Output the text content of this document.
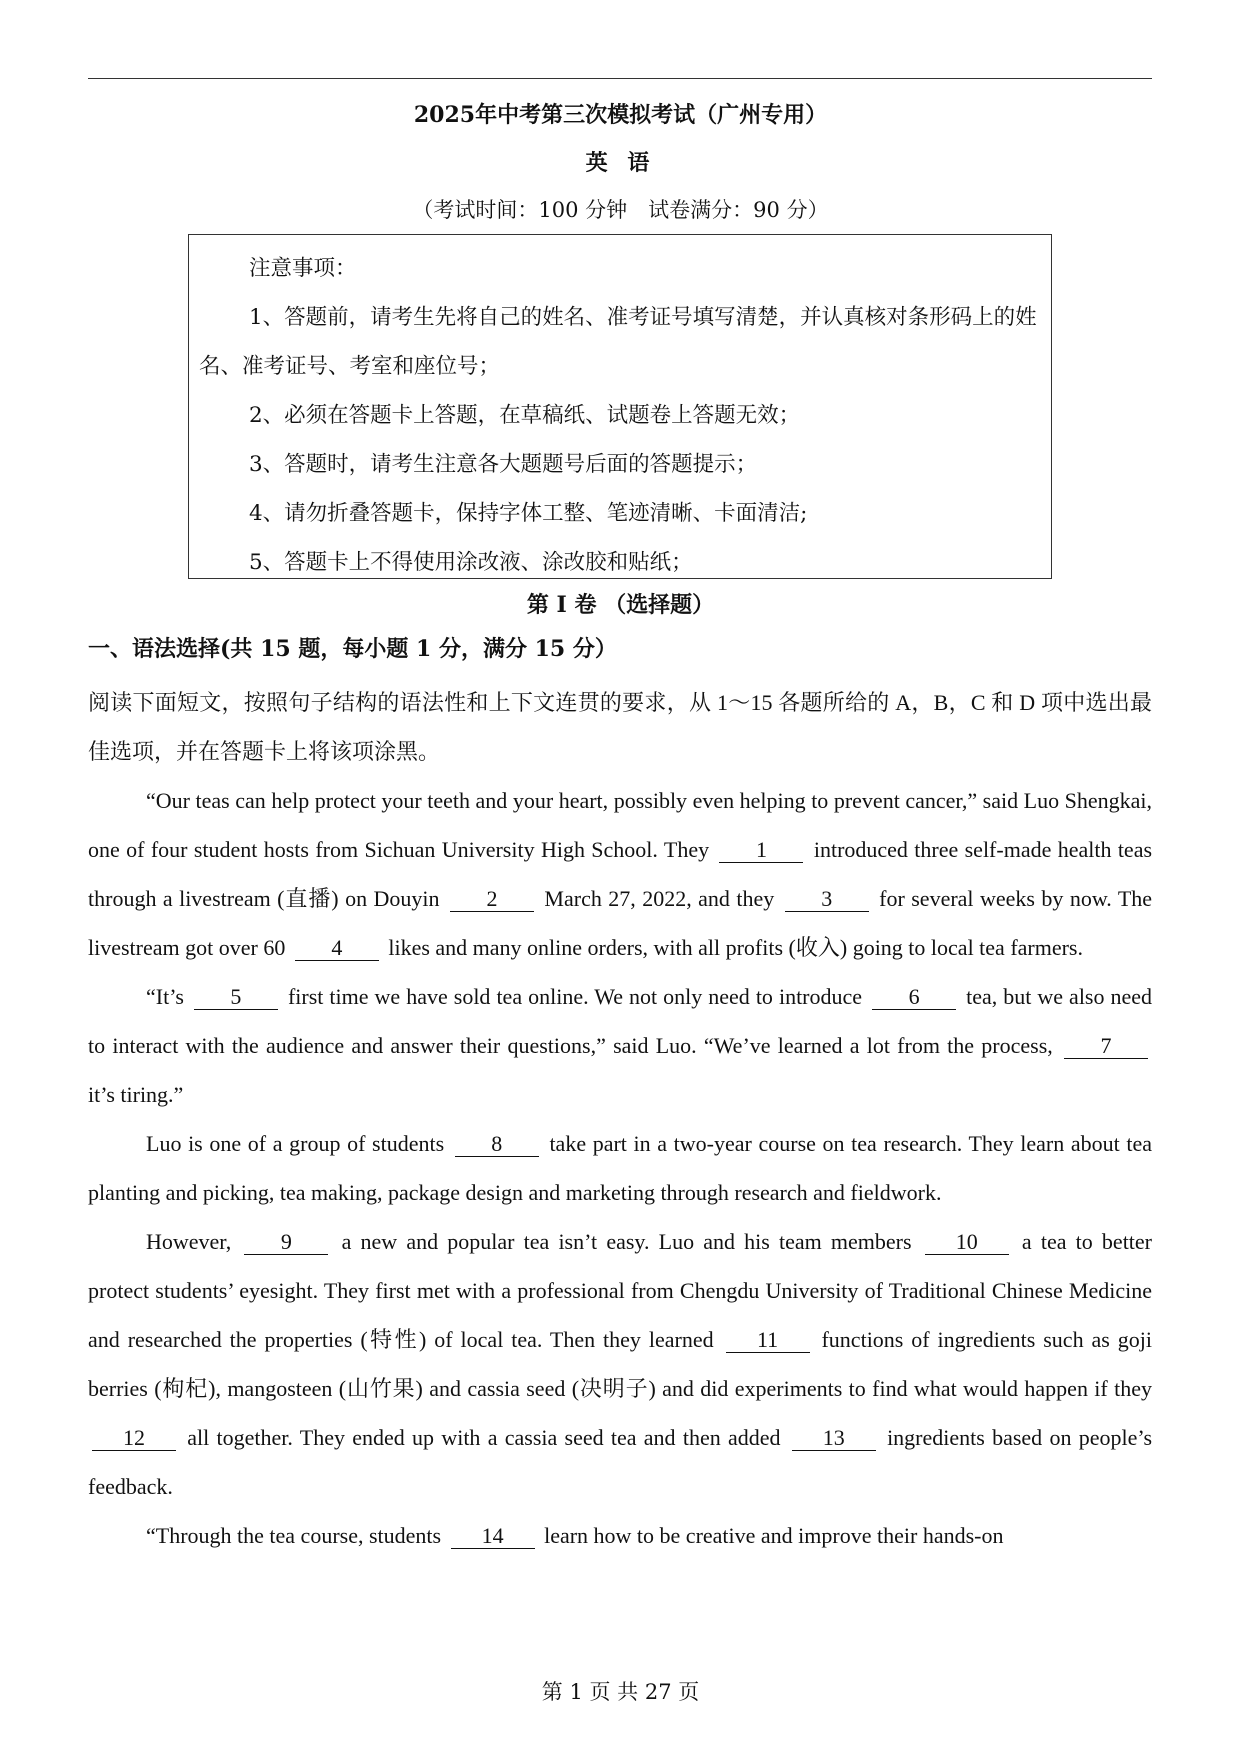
2025年中考第三次模拟考试（广州专用）
英 语
（考试时间：100 分钟　试卷满分：90 分）

注意事项：

1、答题前，请考生先将自己的姓名、准考证号填写清楚，并认真核对条形码上的姓名、准考证号、考室和座位号；

2、必须在答题卡上答题，在草稿纸、试题卷上答题无效；

3、答题时，请考生注意各大题题号后面的答题提示；

4、请勿折叠答题卡，保持字体工整、笔迹清晰、卡面清洁;

5、答题卡上不得使用涂改液、涂改胶和贴纸；

第 I 卷 （选择题）
一、语法选择(共 15 题，每小题 1 分，满分 15 分）

阅读下面短文，按照句子结构的语法性和上下文连贯的要求，从 1～15 各题所给的 A，B，C 和 D 项中选出最佳选项，并在答题卡上将该项涂黑。

“Our teas can help protect your teeth and your heart, possibly even helping to prevent cancer,” said Luo Shengkai, one of four student hosts from Sichuan University High School. They 1 introduced three self-made health teas through a livestream (直播) on Douyin 2 March 27, 2022, and they 3 for several weeks by now. The livestream got over 60 4 likes and many online orders, with all profits (收入) going to local tea farmers.

“It’s 5 first time we have sold tea online. We not only need to introduce 6 tea, but we also need to interact with the audience and answer their questions,” said Luo. “We’ve learned a lot from the process, 7 it’s tiring.”

Luo is one of a group of students 8 take part in a two-year course on tea research. They learn about tea planting and picking, tea making, package design and marketing through research and fieldwork.

However, 9 a new and popular tea isn’t easy. Luo and his team members 10 a tea to better protect students’ eyesight. They first met with a professional from Chengdu University of Traditional Chinese Medicine and researched the properties (特性) of local tea. Then they learned 11 functions of ingredients such as goji berries (枸杞), mangosteen (山竹果) and cassia seed (决明子) and did experiments to find what would happen if they 12 all together. They ended up with a cassia seed tea and then added 13 ingredients based on people’s feedback.

“Through the tea course, students 14 learn how to be creative and improve their hands-on

第 1 页 共 27 页
